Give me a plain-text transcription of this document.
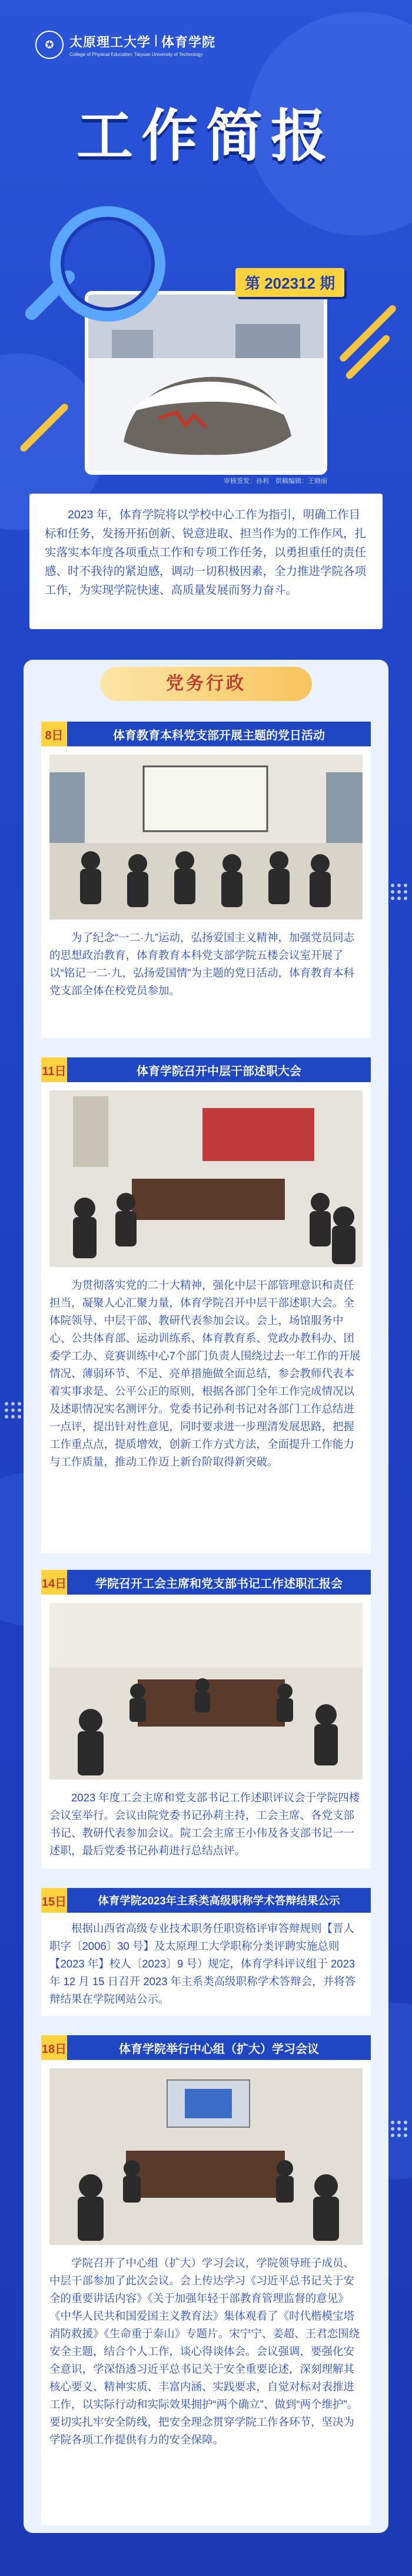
✪	太原理工大学 体育学院
College of Physical Education, Taiyuan University of Technology
工作简报
第 202312 期
审核签发：孙利　供稿编辑：王晓丽

2023 年，体育学院将以学校中心工作为指引，明确工作目标和任务，发扬开拓创新、锐意进取、担当作为的工作作风，扎实落实本年度各项重点工作和专项工作任务，以勇担重任的责任感、时不我待的紧迫感，调动一切积极因素，全力推进学院各项工作，为实现学院快速、高质量发展而努力奋斗。

党务行政
8日	体育教育本科党支部开展主题的党日活动

为了纪念“一二·九”运动，弘扬爱国主义精神，加强党员同志的思想政治教育，体育教育本科党支部学院五楼会议室开展了以“铭记一二·九，弘扬爱国情”为主题的党日活动，体育教育本科党支部全体在校党员参加。

11日	体育学院召开中层干部述职大会

为贯彻落实党的二十大精神，强化中层干部管理意识和责任担当，凝聚人心汇聚力量，体育学院召开中层干部述职大会。全体院领导、中层干部、教研代表参加会议。会上，场馆服务中心、公共体育部、运动训练系、体育教育系、党政办教科办、团委学工办、竞赛训练中心7个部门负责人围绕过去一年工作的开展情况、薄弱环节、不足、亮单措施做全面总结，参会教师代表本着实事求是、公平公正的原则，根据各部门全年工作完成情况以及述职情况实名测评分。党委书记孙利书记对各部门工作总结进一点评，提出针对性意见，同时要求进一步理清发展思路，把握工作重点点，提质增效，创新工作方式方法，全面提升工作能力与工作质量，推动工作迈上新台阶取得新突破。

14日	学院召开工会主席和党支部书记工作述职汇报会

2023 年度工会主席和党支部书记工作述职评议会于学院四楼会议室举行。会议由院党委书记孙莉主持，工会主席、各党支部书记、教研代表参加会议。院工会主席王小伟及各支部书记一一述职，最后党委书记孙莉进行总结点评。

15日	体育学院2023年主系类高级职称学术答辩结果公示

根据山西省高级专业技术职务任职资格评审答辩规则【晋人职字〔2006〕30 号】及太原理工大学职称分类评聘实施总则【2023 年】校人〔2023〕9 号）规定，体育学科评议组于 2023 年 12 月 15 日召开 2023 年主系类高级职称学术答辩会，并将答辩结果在学院网站公示。

18日	体育学院举行中心组（扩大）学习会议

学院召开了中心组（扩大）学习会议，学院领导班子成员、中层干部参加了此次会议。会上传达学习《习近平总书记关于安全的重要讲话内容》《关于加强年轻干部教育管理监督的意见》《中华人民共和国爱国主义教育法》集体观看了《时代楷模宝塔消防救援》《生命重于泰山》专题片。宋宁宁、姜超、王君恋围绕安全主题，结合个人工作，谈心得谈体会。会议强调，要强化安全意识，学深悟透习近平总书记关于安全重要论述，深刻理解其核心要义、精神实质、丰富内涵、实践要求，自觉对标对表推进工作，以实际行动和实际效果拥护“两个确立”、做到“两个维护”。要切实扎牢安全防线，把安全理念贯穿学院工作各环节，坚决为学院各项工作提供有力的安全保障。
